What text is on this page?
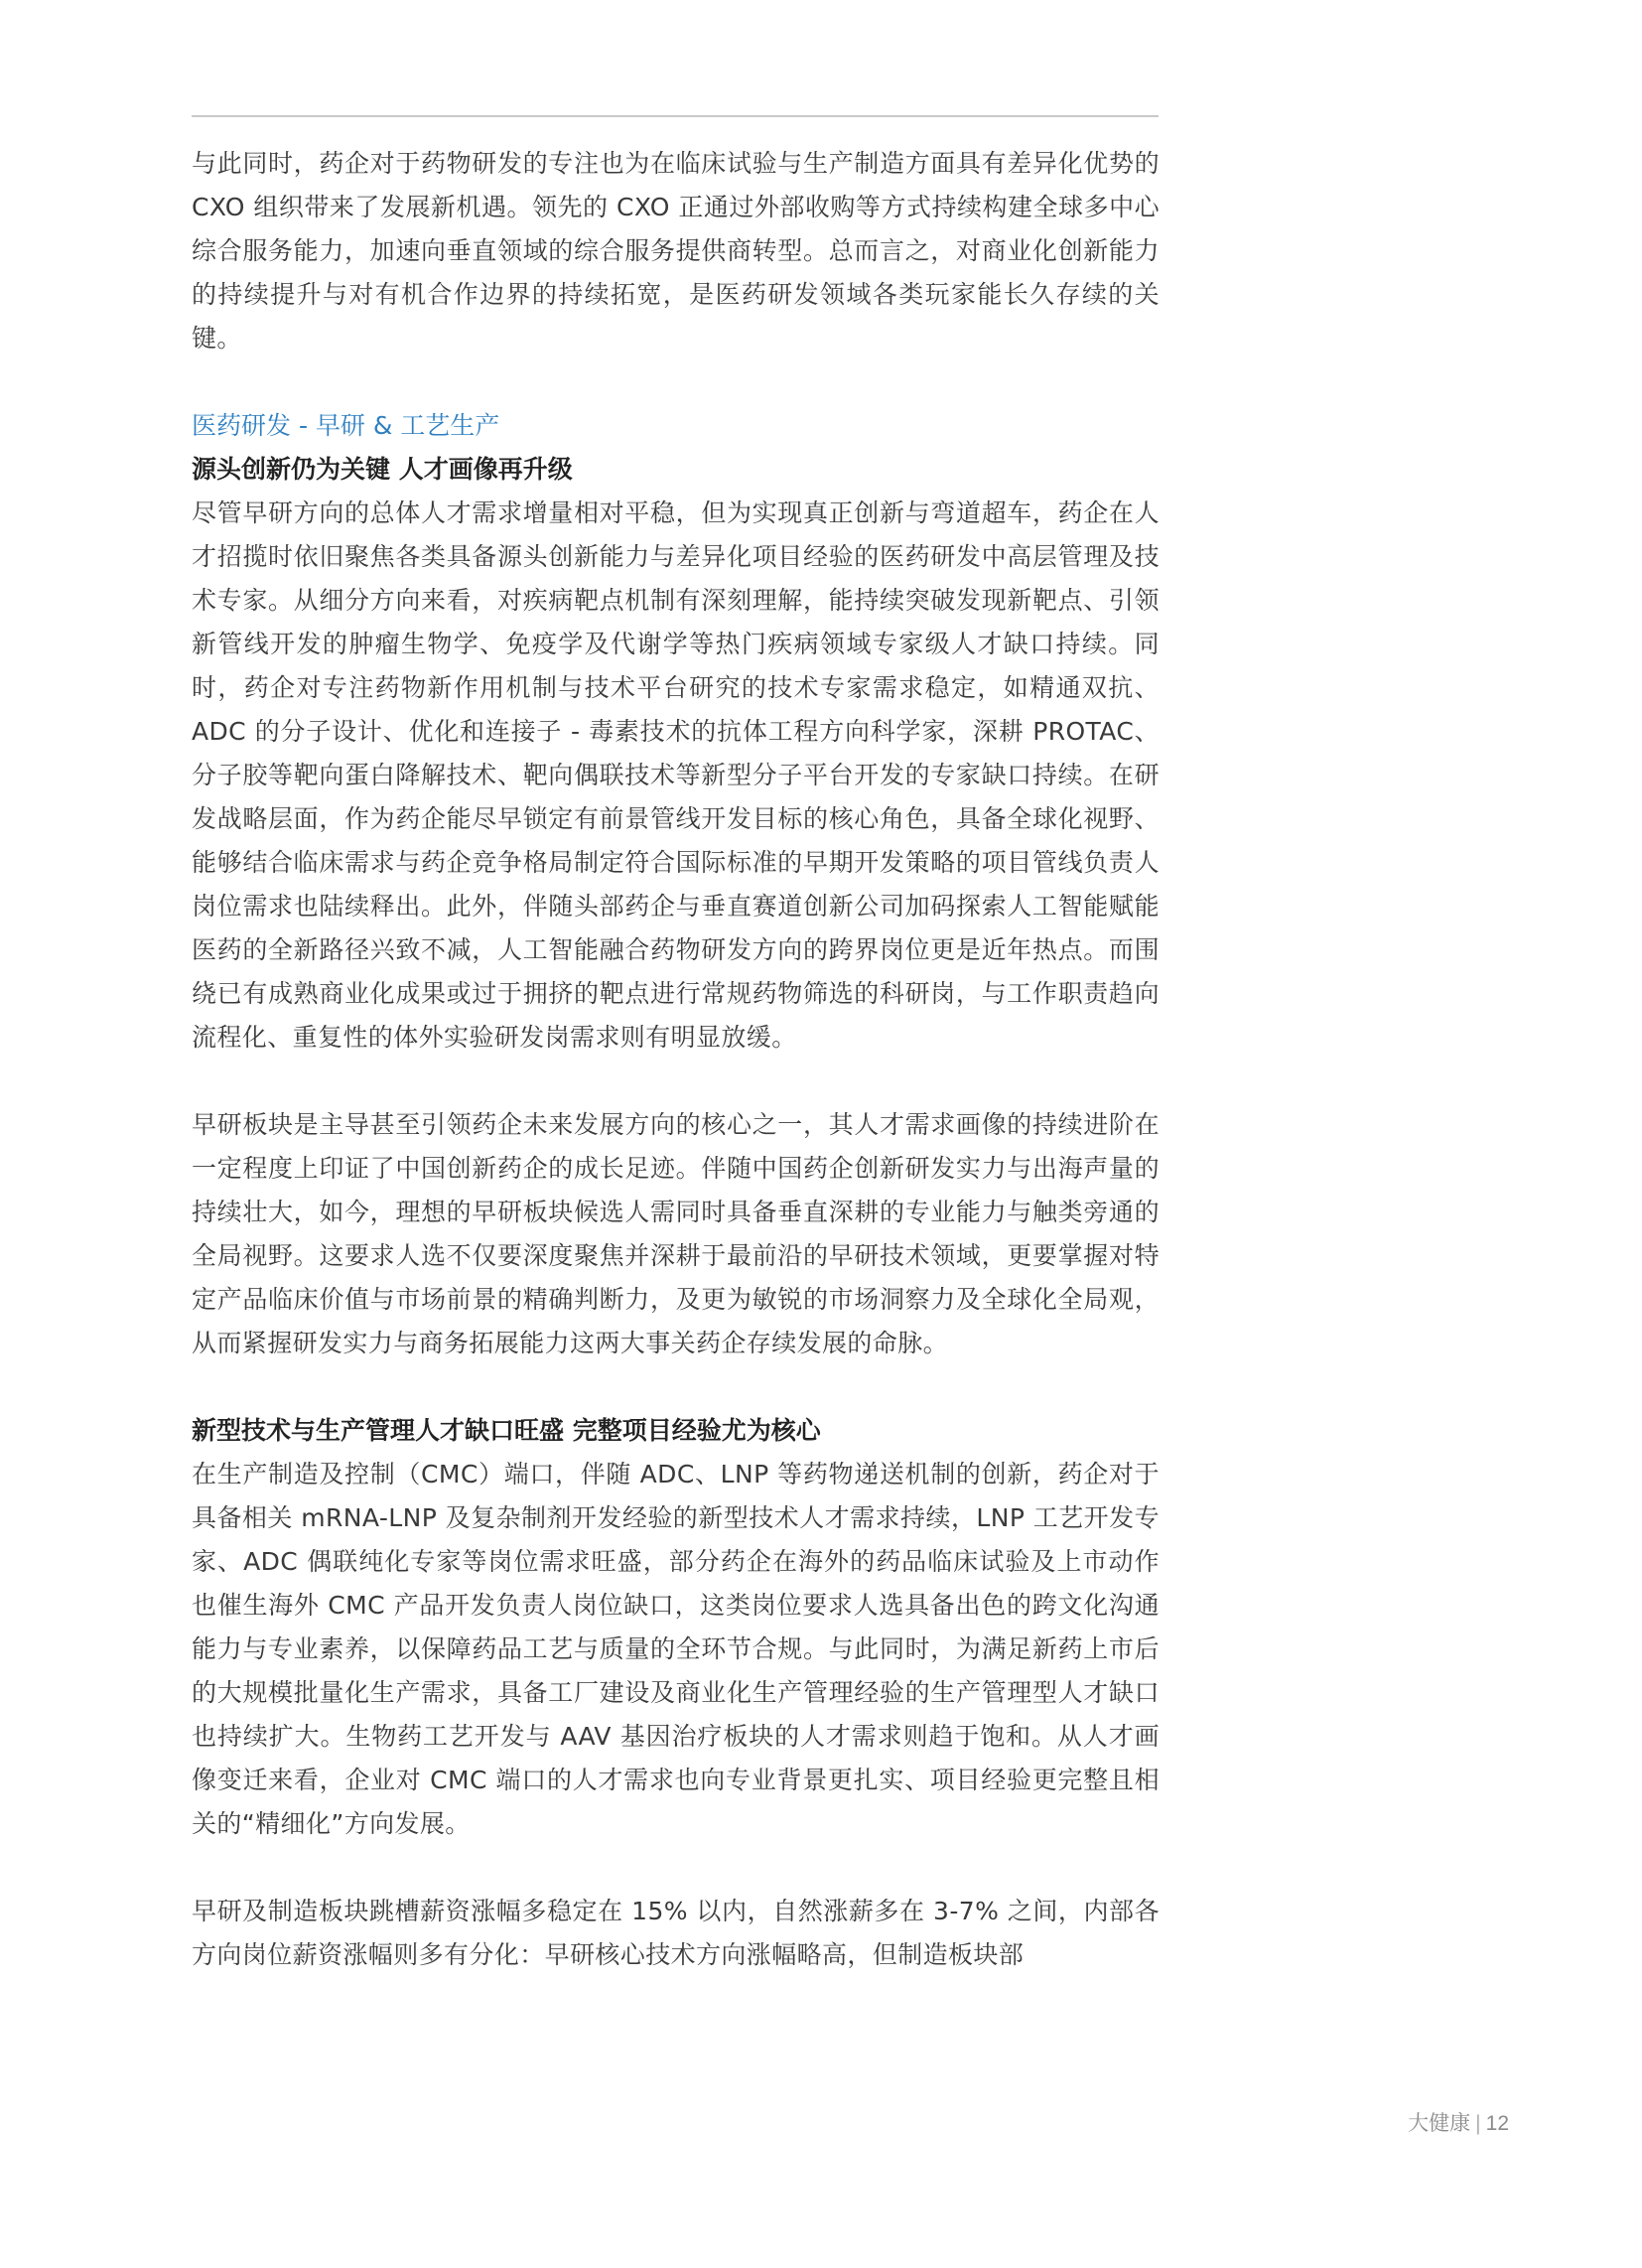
与此同时，药企对于药物研发的专注也为在临床试验与生产制造方面具有差异化优势的 CXO 组织带来了发展新机遇。领先的 CXO 正通过外部收购等方式持续构建全球多中心综合服务能力，加速向垂直领域的综合服务提供商转型。总而言之，对商业化创新能力的持续提升与对有机合作边界的持续拓宽，是医药研发领域各类玩家能长久存续的关键。

医药研发 - 早研 & 工艺生产

源头创新仍为关键 人才画像再升级

尽管早研方向的总体人才需求增量相对平稳，但为实现真正创新与弯道超车，药企在人才招揽时依旧聚焦各类具备源头创新能力与差异化项目经验的医药研发中高层管理及技术专家。从细分方向来看，对疾病靶点机制有深刻理解，能持续突破发现新靶点、引领新管线开发的肿瘤生物学、免疫学及代谢学等热门疾病领域专家级人才缺口持续。同时，药企对专注药物新作用机制与技术平台研究的技术专家需求稳定，如精通双抗、ADC 的分子设计、优化和连接子 - 毒素技术的抗体工程方向科学家，深耕 PROTAC、分子胶等靶向蛋白降解技术、靶向偶联技术等新型分子平台开发的专家缺口持续。在研发战略层面，作为药企能尽早锁定有前景管线开发目标的核心角色，具备全球化视野、能够结合临床需求与药企竞争格局制定符合国际标准的早期开发策略的项目管线负责人岗位需求也陆续释出。此外，伴随头部药企与垂直赛道创新公司加码探索人工智能赋能医药的全新路径兴致不减，人工智能融合药物研发方向的跨界岗位更是近年热点。而围绕已有成熟商业化成果或过于拥挤的靶点进行常规药物筛选的科研岗，与工作职责趋向流程化、重复性的体外实验研发岗需求则有明显放缓。

早研板块是主导甚至引领药企未来发展方向的核心之一，其人才需求画像的持续进阶在一定程度上印证了中国创新药企的成长足迹。伴随中国药企创新研发实力与出海声量的持续壮大，如今，理想的早研板块候选人需同时具备垂直深耕的专业能力与触类旁通的全局视野。这要求人选不仅要深度聚焦并深耕于最前沿的早研技术领域，更要掌握对特定产品临床价值与市场前景的精确判断力，及更为敏锐的市场洞察力及全球化全局观，从而紧握研发实力与商务拓展能力这两大事关药企存续发展的命脉。

新型技术与生产管理人才缺口旺盛 完整项目经验尤为核心

在生产制造及控制（CMC）端口，伴随 ADC、LNP 等药物递送机制的创新，药企对于具备相关 mRNA-LNP 及复杂制剂开发经验的新型技术人才需求持续，LNP 工艺开发专家、ADC 偶联纯化专家等岗位需求旺盛，部分药企在海外的药品临床试验及上市动作也催生海外 CMC 产品开发负责人岗位缺口，这类岗位要求人选具备出色的跨文化沟通能力与专业素养，以保障药品工艺与质量的全环节合规。与此同时，为满足新药上市后的大规模批量化生产需求，具备工厂建设及商业化生产管理经验的生产管理型人才缺口也持续扩大。生物药工艺开发与 AAV 基因治疗板块的人才需求则趋于饱和。从人才画像变迁来看，企业对 CMC 端口的人才需求也向专业背景更扎实、项目经验更完整且相关的“精细化”方向发展。

早研及制造板块跳槽薪资涨幅多稳定在 15% 以内，自然涨薪多在 3-7% 之间，内部各方向岗位薪资涨幅则多有分化：早研核心技术方向涨幅略高，但制造板块部

大健康 | 12
